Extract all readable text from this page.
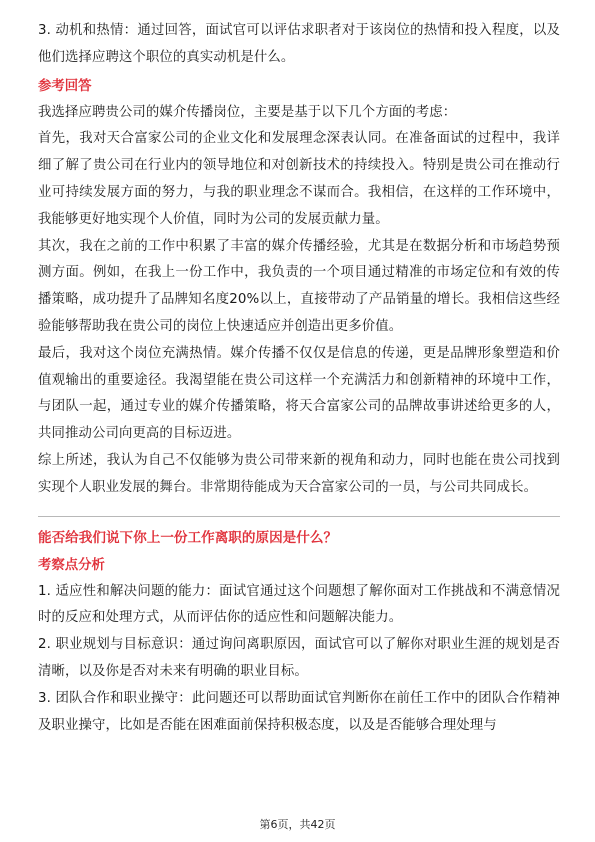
3. 动机和热情：通过回答，面试官可以评估求职者对于该岗位的热情和投入程度，以及他们选择应聘这个职位的真实动机是什么。

参考回答

我选择应聘贵公司的媒介传播岗位，主要是基于以下几个方面的考虑：

首先，我对天合富家公司的企业文化和发展理念深表认同。在准备面试的过程中，我详细了解了贵公司在行业内的领导地位和对创新技术的持续投入。特别是贵公司在推动行业可持续发展方面的努力，与我的职业理念不谋而合。我相信，在这样的工作环境中，我能够更好地实现个人价值，同时为公司的发展贡献力量。

其次，我在之前的工作中积累了丰富的媒介传播经验，尤其是在数据分析和市场趋势预测方面。例如，在我上一份工作中，我负责的一个项目通过精准的市场定位和有效的传播策略，成功提升了品牌知名度20%以上，直接带动了产品销量的增长。我相信这些经验能够帮助我在贵公司的岗位上快速适应并创造出更多价值。

最后，我对这个岗位充满热情。媒介传播不仅仅是信息的传递，更是品牌形象塑造和价值观输出的重要途径。我渴望能在贵公司这样一个充满活力和创新精神的环境中工作，与团队一起，通过专业的媒介传播策略，将天合富家公司的品牌故事讲述给更多的人，共同推动公司向更高的目标迈进。

综上所述，我认为自己不仅能够为贵公司带来新的视角和动力，同时也能在贵公司找到实现个人职业发展的舞台。非常期待能成为天合富家公司的一员，与公司共同成长。

能否给我们说下你上一份工作离职的原因是什么？
考察点分析

1. 适应性和解决问题的能力：面试官通过这个问题想了解你面对工作挑战和不满意情况时的反应和处理方式，从而评估你的适应性和问题解决能力。

2. 职业规划与目标意识：通过询问离职原因，面试官可以了解你对职业生涯的规划是否清晰，以及你是否对未来有明确的职业目标。

3. 团队合作和职业操守：此问题还可以帮助面试官判断你在前任工作中的团队合作精神及职业操守，比如是否能在困难面前保持积极态度，以及是否能够合理处理与

第6页，共42页
